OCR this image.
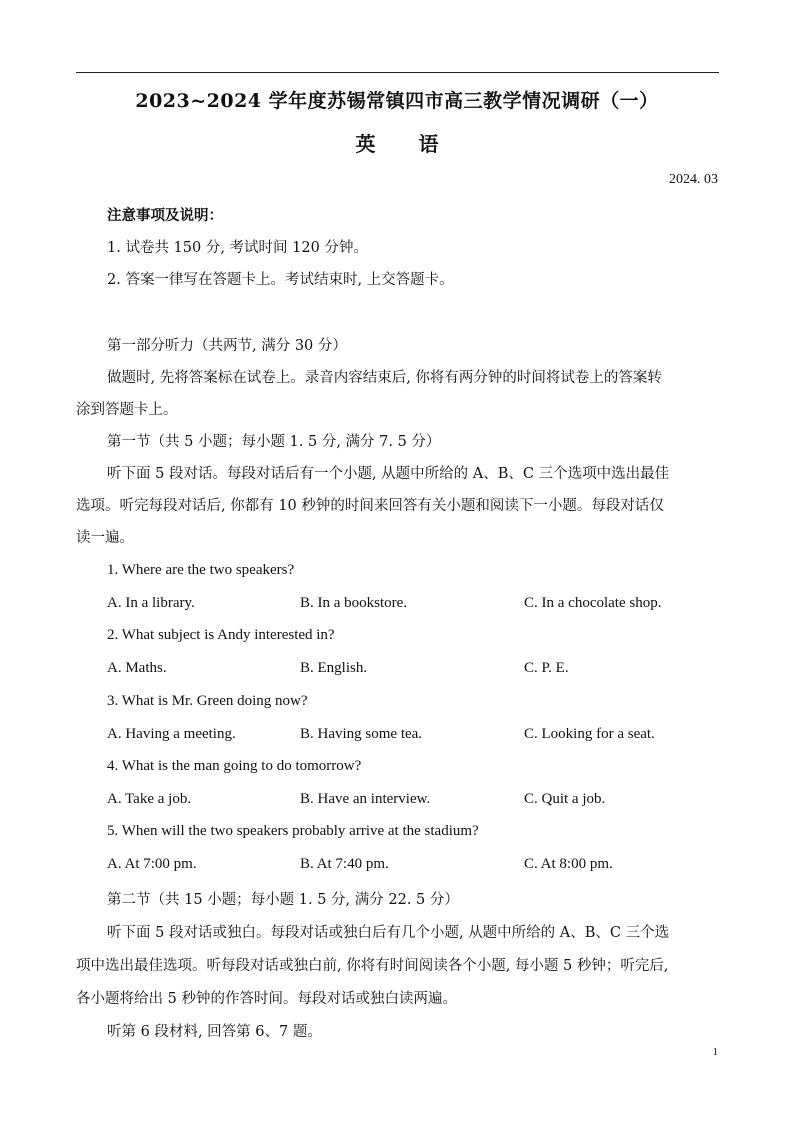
2023~2024 学年度苏锡常镇四市高三教学情况调研（一）
英 语
2024. 03
注意事项及说明：
1. 试卷共 150 分, 考试时间 120 分钟。
2. 答案一律写在答题卡上。考试结束时, 上交答题卡。
第一部分听力（共两节, 满分 30 分）
做题时, 先将答案标在试卷上。录音内容结束后, 你将有两分钟的时间将试卷上的答案转
涂到答题卡上。
第一节（共 5 小题；每小题 1. 5 分, 满分 7. 5 分）
听下面 5 段对话。每段对话后有一个小题, 从题中所给的 A、B、C 三个选项中选出最佳
选项。听完每段对话后, 你都有 10 秒钟的时间来回答有关小题和阅读下一小题。每段对话仅
读一遍。
1. Where are the two speakers?
A. In a library.	B. In a bookstore.	C. In a chocolate shop.
2. What subject is Andy interested in?
A. Maths.	B. English.	C. P. E.
3. What is Mr. Green doing now?
A. Having a meeting.	B. Having some tea.	C. Looking for a seat.
4. What is the man going to do tomorrow?
A. Take a job.	B. Have an interview.	C. Quit a job.
5. When will the two speakers probably arrive at the stadium?
A. At 7:00 pm.	B. At 7:40 pm.	C. At 8:00 pm.
第二节（共 15 小题；每小题 1. 5 分, 满分 22. 5 分）
听下面 5 段对话或独白。每段对话或独白后有几个小题, 从题中所给的 A、B、C 三个选
项中选出最佳选项。听每段对话或独白前, 你将有时间阅读各个小题, 每小题 5 秒钟；听完后,
各小题将给出 5 秒钟的作答时间。每段对话或独白读两遍。
听第 6 段材料, 回答第 6、7 题。
1
